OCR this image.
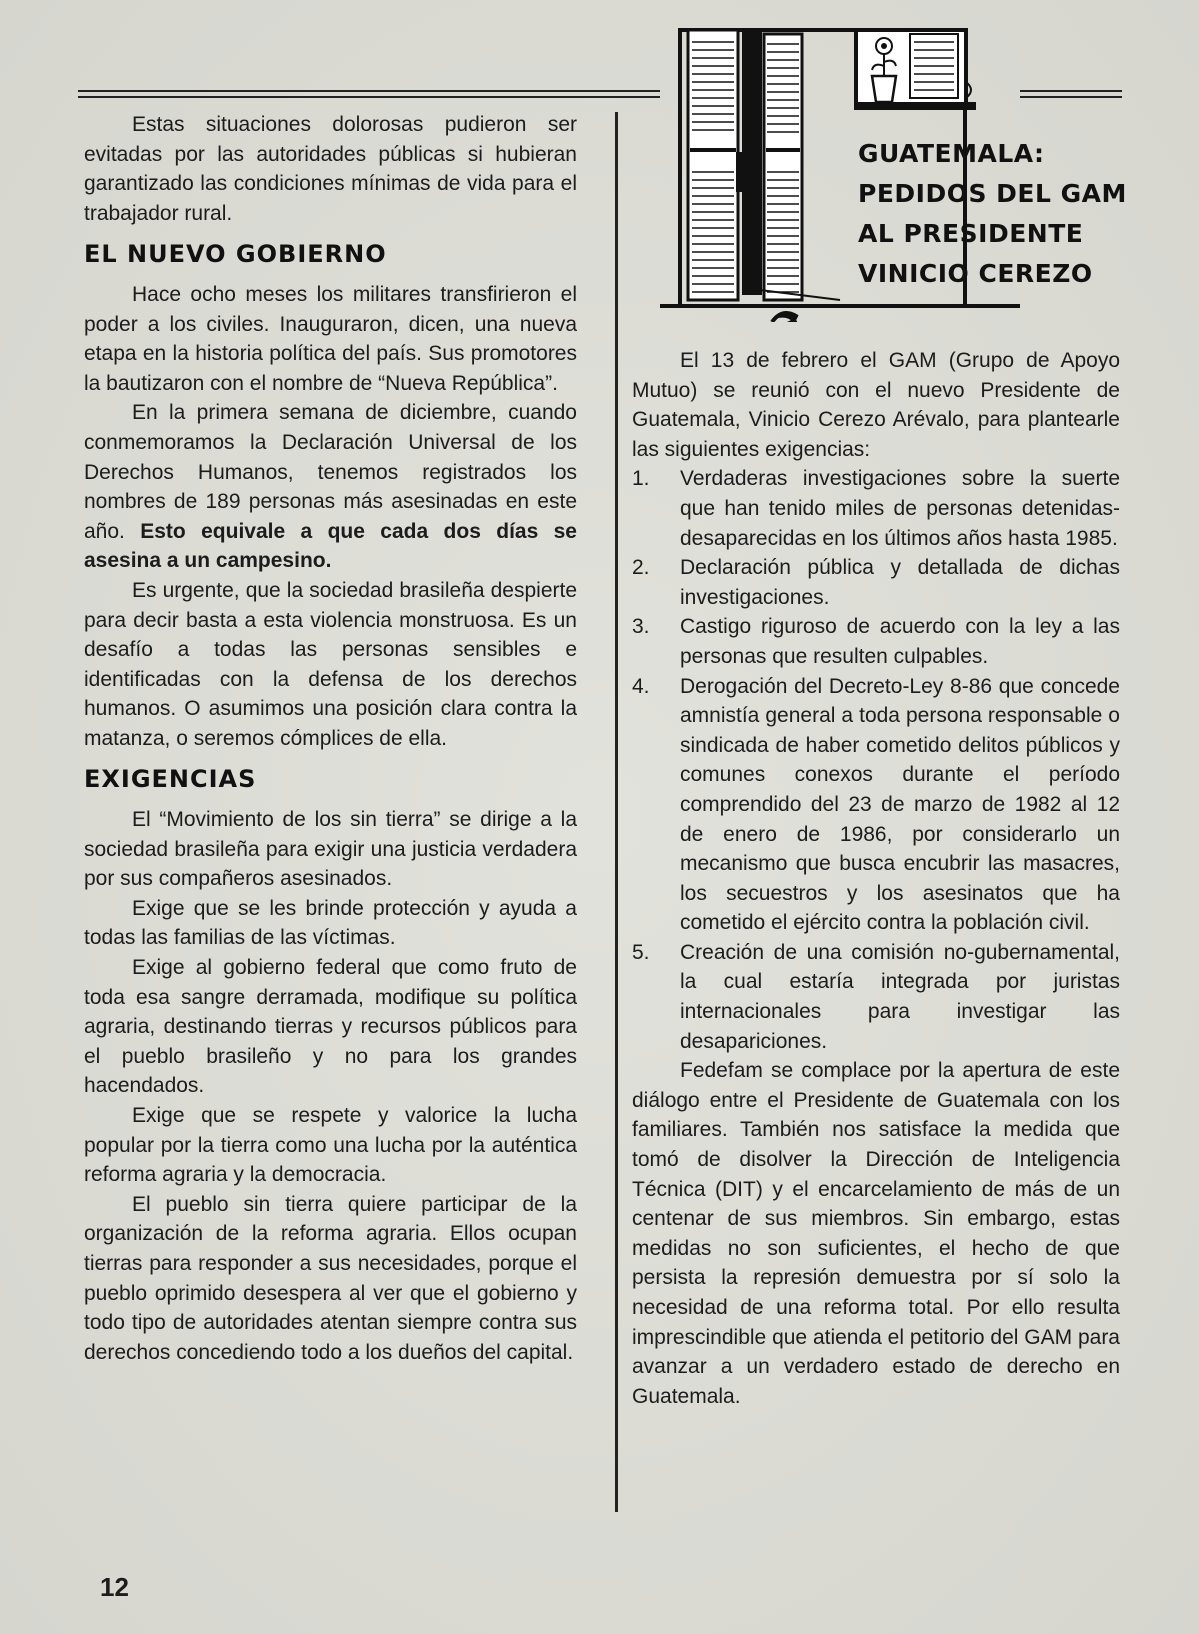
Estas situaciones dolorosas pudieron ser evitadas por las autoridades públicas si hubieran garantizado las condiciones mínimas de vida para el trabajador rural.

EL NUEVO GOBIERNO

Hace ocho meses los militares transfirieron el poder a los civiles. Inauguraron, dicen, una nueva etapa en la historia política del país. Sus promotores la bautizaron con el nombre de “Nueva República”.

En la primera semana de diciembre, cuando conmemoramos la Declaración Universal de los Derechos Humanos, tenemos registrados los nombres de 189 personas más asesinadas en este año. Esto equivale a que cada dos días se asesina a un campesino.

Es urgente, que la sociedad brasileña despierte para decir basta a esta violencia monstruosa. Es un desafío a todas las personas sensibles e identificadas con la defensa de los derechos humanos. O asumimos una posición clara contra la matanza, o seremos cómplices de ella.

EXIGENCIAS

El “Movimiento de los sin tierra” se dirige a la sociedad brasileña para exigir una justicia verdadera por sus compañeros asesinados.

Exige que se les brinde protección y ayuda a todas las familias de las víctimas.

Exige al gobierno federal que como fruto de toda esa sangre derramada, modifique su política agraria, destinando tierras y recursos públicos para el pueblo brasileño y no para los grandes hacendados.

Exige que se respete y valorice la lucha popular por la tierra como una lucha por la auténtica reforma agraria y la democracia.

El pueblo sin tierra quiere participar de la organización de la reforma agraria. Ellos ocupan tierras para responder a sus necesidades, porque el pueblo oprimido desespera al ver que el gobierno y todo tipo de autoridades atentan siempre contra sus derechos concediendo todo a los dueños del capital.

GUATEMALA:
PEDIDOS DEL GAM
AL PRESIDENTE
VINICIO CEREZO

El 13 de febrero el GAM (Grupo de Apoyo Mutuo) se reunió con el nuevo Presidente de Guatemala, Vinicio Cerezo Arévalo, para plantearle las siguientes exigencias:

1.	Verdaderas investigaciones sobre la suerte que han tenido miles de personas detenidas-desaparecidas en los últimos años hasta 1985.
2.	Declaración pública y detallada de dichas investigaciones.
3.	Castigo riguroso de acuerdo con la ley a las personas que resulten culpables.
4.	Derogación del Decreto-Ley 8-86 que concede amnistía general a toda persona responsable o sindicada de haber cometido delitos públicos y comunes conexos durante el período comprendido del 23 de marzo de 1982 al 12 de enero de 1986, por considerarlo un mecanismo que busca encubrir las masacres, los secuestros y los asesinatos que ha cometido el ejército contra la población civil.
5.	Creación de una comisión no-gubernamental, la cual estaría integrada por juristas internacionales para investigar las desapariciones.

Fedefam se complace por la apertura de este diálogo entre el Presidente de Guatemala con los familiares. También nos satisface la medida que tomó de disolver la Dirección de Inteligencia Técnica (DIT) y el encarcelamiento de más de un centenar de sus miembros. Sin embargo, estas medidas no son suficientes, el hecho de que persista la represión demuestra por sí solo la necesidad de una reforma total. Por ello resulta imprescindible que atienda el petitorio del GAM para avanzar a un verdadero estado de derecho en Guatemala.

12
